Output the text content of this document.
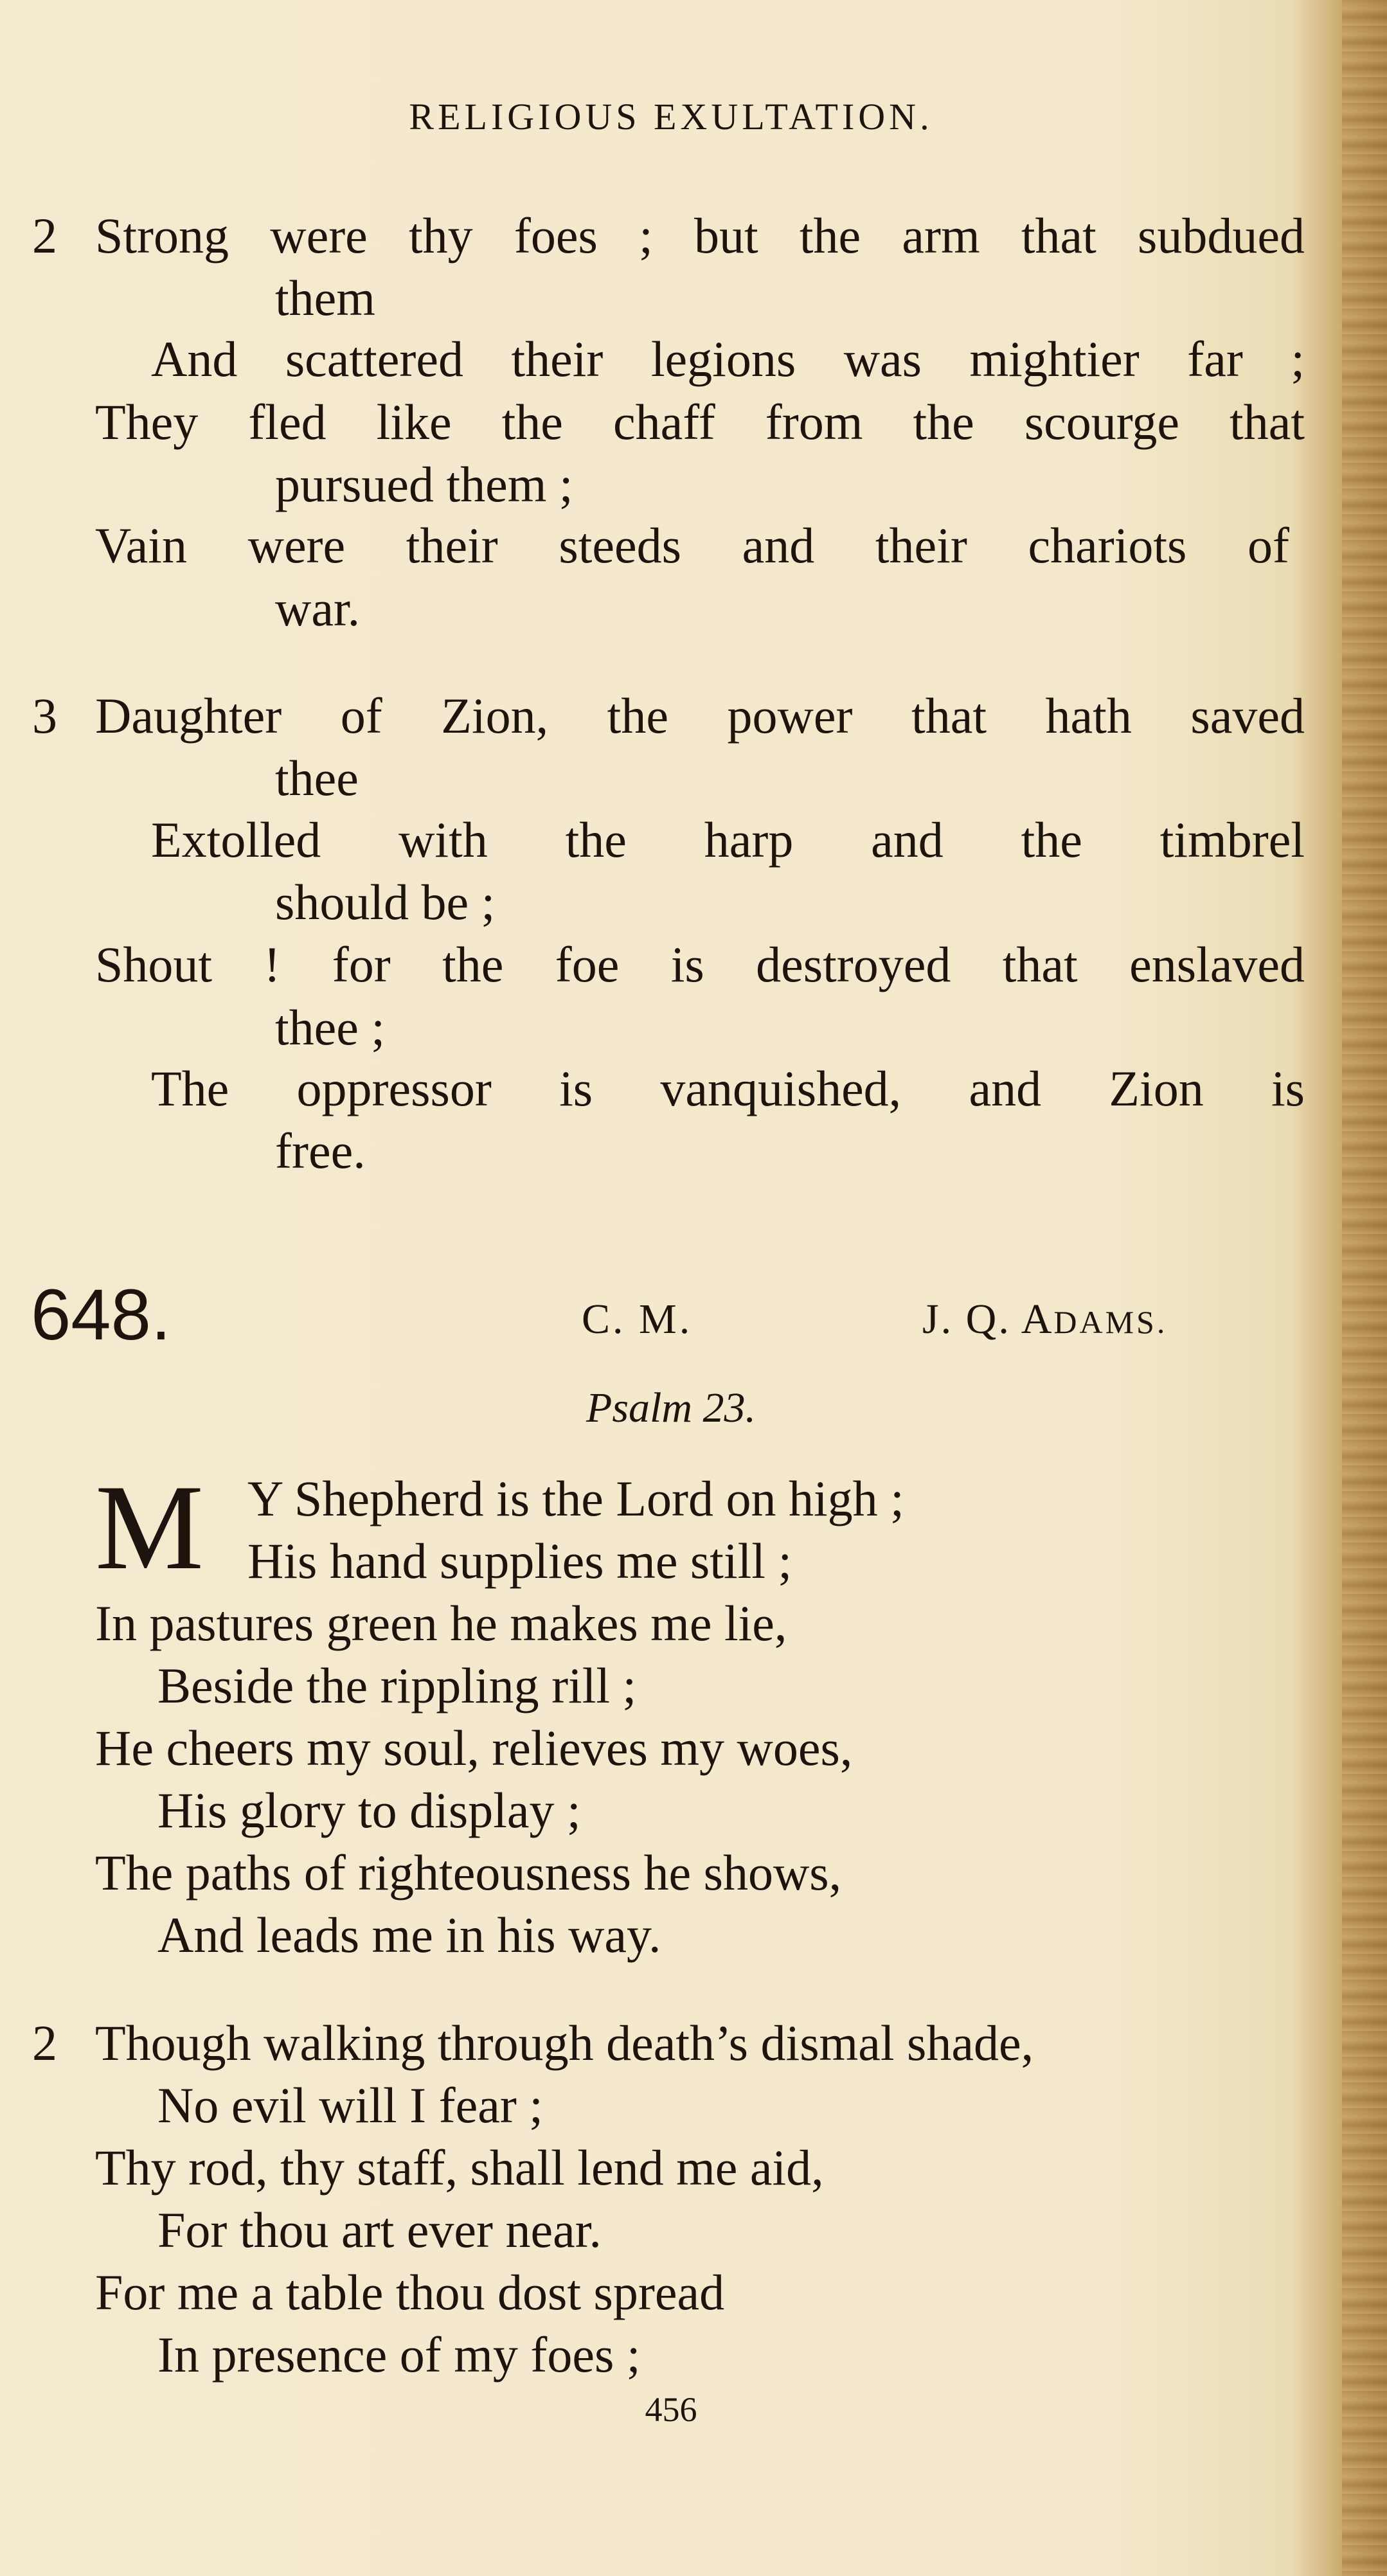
RELIGIOUS EXULTATION.
2 Strong were thy foes ; but the arm that subdued
them
And scattered their legions was mightier far ;
They fled like the chaff from the scourge that
pursued them ;
Vain were their steeds and their chariots of
war.
3 Daughter of Zion, the power that hath saved
thee
Extolled with the harp and the timbrel
should be ;
Shout ! for the foe is destroyed that enslaved
thee ;
The oppressor is vanquished, and Zion is
free.
648.	C. M.	J. Q. ADAMS.
Psalm 23.
M Y Shepherd is the Lord on high ;
His hand supplies me still ;
In pastures green he makes me lie,
Beside the rippling rill ;
He cheers my soul, relieves my woes,
His glory to display ;
The paths of righteousness he shows,
And leads me in his way.
2 Though walking through death’s dismal shade,
No evil will I fear ;
Thy rod, thy staff, shall lend me aid,
For thou art ever near.
For me a table thou dost spread
In presence of my foes ;
456
